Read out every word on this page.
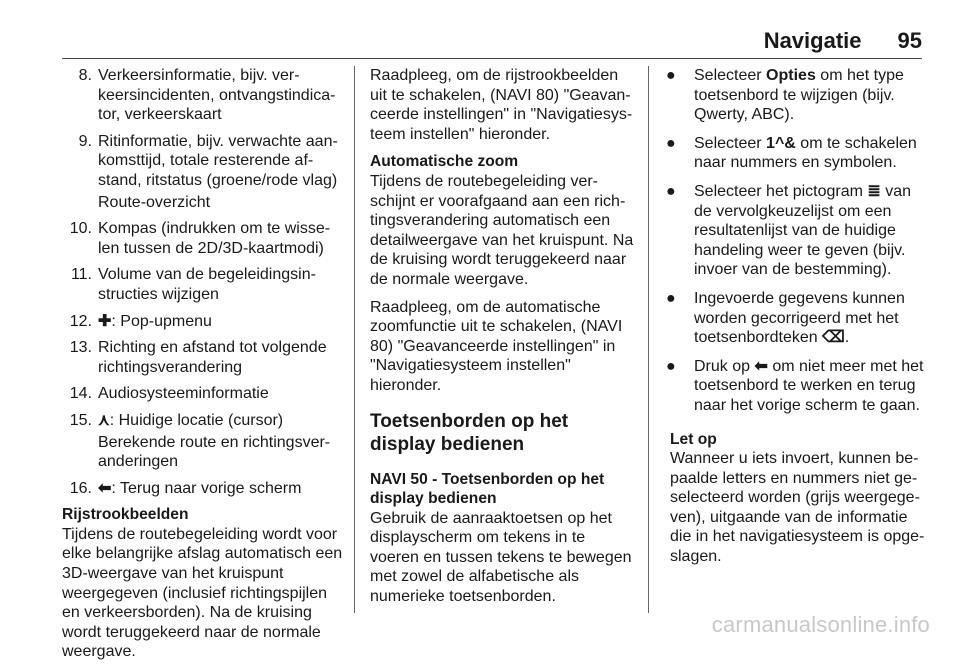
Navigatie 95
8. Verkeersinformatie, bijv. verkeersincidenten, ontvangstindicator, verkeerskaart
9. Ritinformatie, bijv. verwachte aankomsttijd, totale resterende afstand, ritstatus (groene/rode vlag)
Route-overzicht
10. Kompas (indrukken om te wisselen tussen de 2D/3D-kaartmodi)
11. Volume van de begeleidingsinstructies wijzigen
12. ✚: Pop-upmenu
13. Richting en afstand tot volgende richtingsverandering
14. Audiosysteeminformatie
15. ⋏: Huidige locatie (cursor)
Berekende route en richtingsveranderingen
16. ⬅: Terug naar vorige scherm
Rijstrookbeelden

Tijdens de routebegeleiding wordt voor elke belangrijke afslag automatisch een 3D-weergave van het kruispunt weergegeven (inclusief richtingspijlen en verkeersborden). Na de kruising wordt teruggekeerd naar de normale weergave.

Raadpleeg, om de rijstrookbeelden uit te schakelen, (NAVI 80) "Geavanceerde instellingen" in "Navigatiesysteem instellen" hieronder.

Automatische zoom

Tijdens de routebegeleiding verschijnt er voorafgaand aan een richtingsverandering automatisch een detailweergave van het kruispunt. Na de kruising wordt teruggekeerd naar de normale weergave.

Raadpleeg, om de automatische zoomfunctie uit te schakelen, (NAVI 80) "Geavanceerde instellingen" in "Navigatiesysteem instellen" hieronder.

Toetsenborden op het display bedienen
NAVI 50 - Toetsenborden op het display bedienen

Gebruik de aanraaktoetsen op het displayscherm om tekens in te voeren en tussen tekens te bewegen met zowel de alfabetische als numerieke toetsenborden.

●	Selecteer Opties om het type toetsenbord te wijzigen (bijv. Qwerty, ABC).
●	Selecteer 1^& om te schakelen naar nummers en symbolen.
●	Selecteer het pictogram ≣ van de vervolgkeuzelijst om een resultatenlijst van de huidige handeling weer te geven (bijv. invoer van de bestemming).
●	Ingevoerde gegevens kunnen worden gecorrigeerd met het toetsenbordteken ⌫.
●	Druk op ⬅ om niet meer met het toetsenbord te werken en terug naar het vorige scherm te gaan.
Let op
Wanneer u iets invoert, kunnen bepaalde letters en nummers niet geselecteerd worden (grijs weergegeven), uitgaande van de informatie die in het navigatiesysteem is opgeslagen.
carmanualsonline.info
